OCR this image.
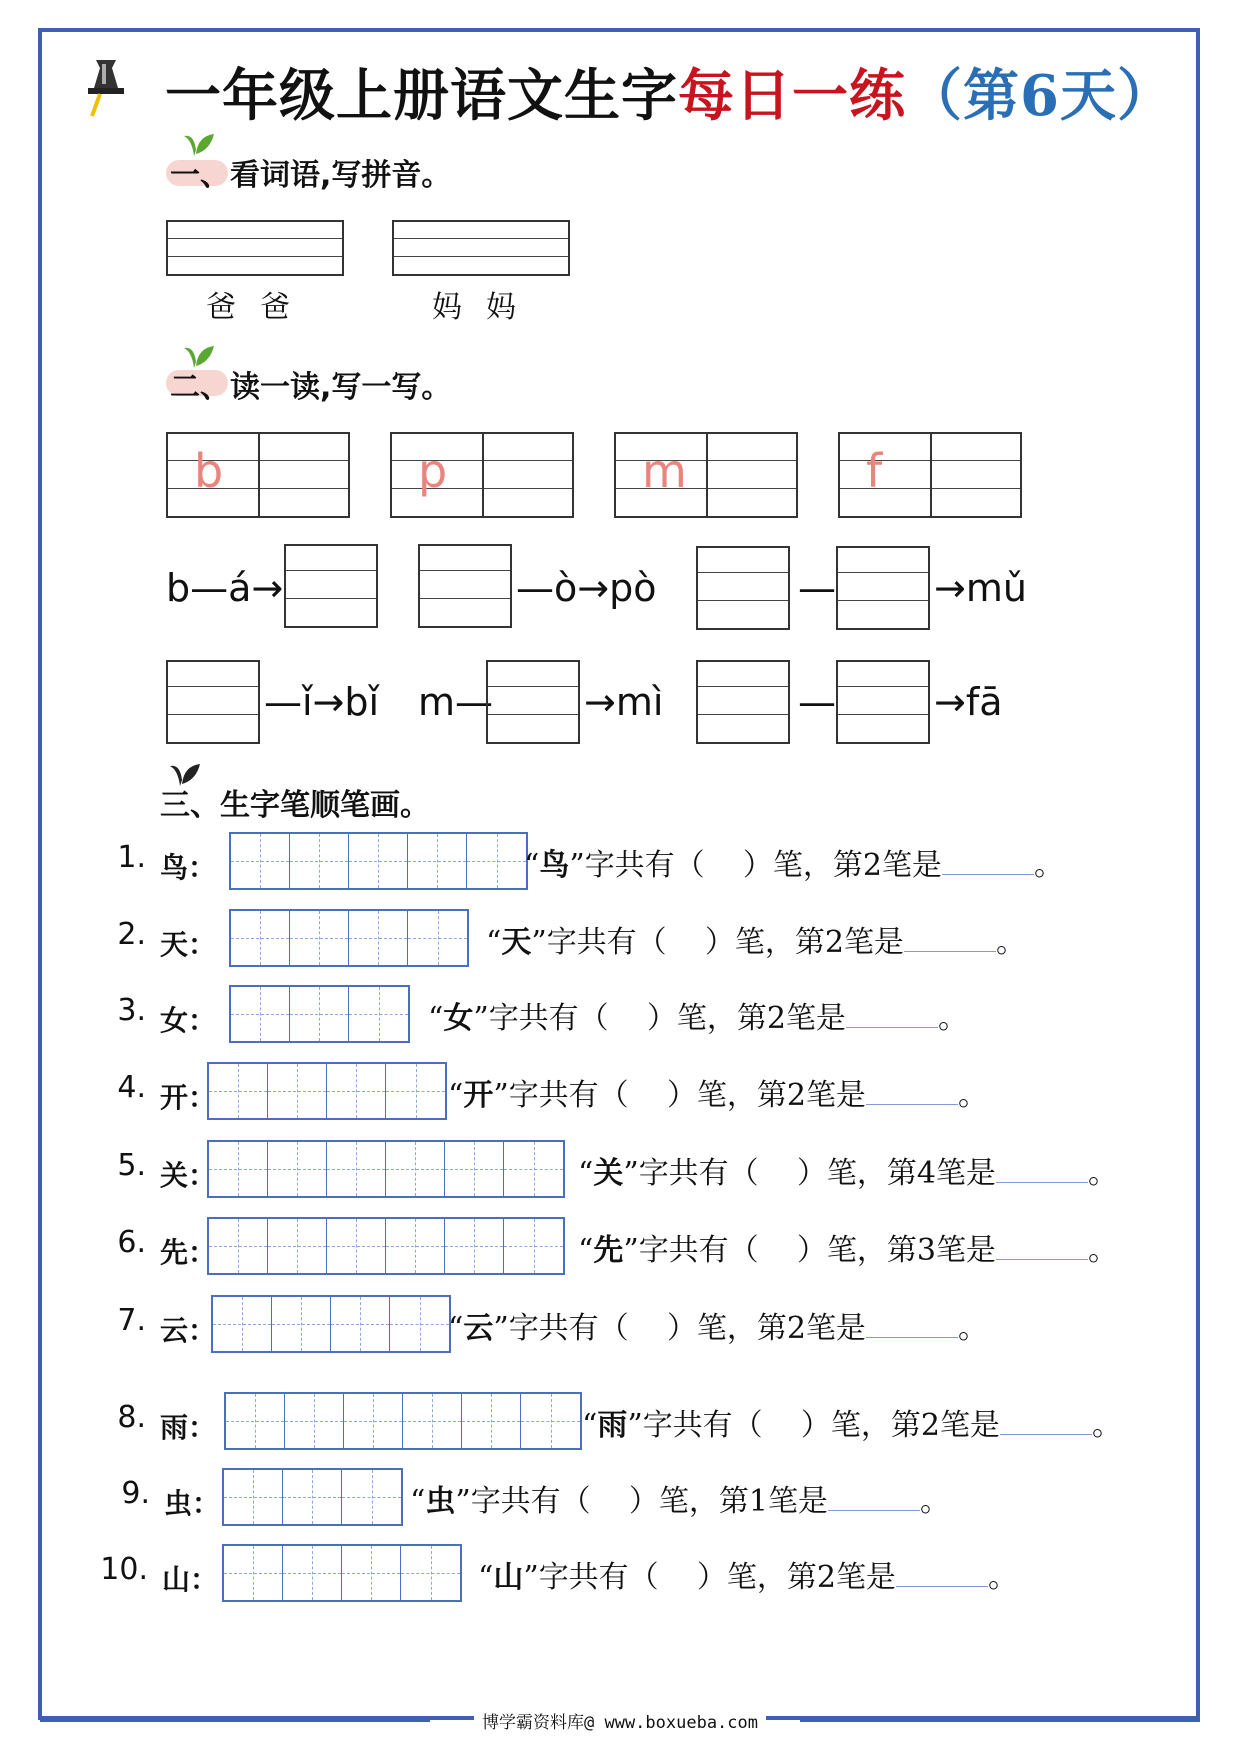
一年级上册语文生字每日一练（第6天）
一、看词语,写拼音。
爸爸	妈妈
二、读一读,写一写。
b	p	m	f
b—á→	—ò→pò	—	→mǔ
—ǐ→bǐ m— →mì	—	→fā
三、生字笔顺笔画。
1. 鸟：	“鸟”字共有（ ）笔，第2笔是	。
2. 天：	“天”字共有（ ）笔，第2笔是	。
3. 女：	“女”字共有（ ）笔，第2笔是	。
4. 开：	“开”字共有（ ）笔，第2笔是	。
5. 关：	“关”字共有（ ）笔，第4笔是	。
6. 先：	“先”字共有（ ）笔，第3笔是	。
7. 云：	“云”字共有（ ）笔，第2笔是	。
8. 雨：	“雨”字共有（ ）笔，第2笔是	。
9. 虫：	“虫”字共有（ ）笔，第1笔是	。
10. 山：	“山”字共有（ ）笔，第2笔是	。
博学霸资料库@ www.boxueba.com
